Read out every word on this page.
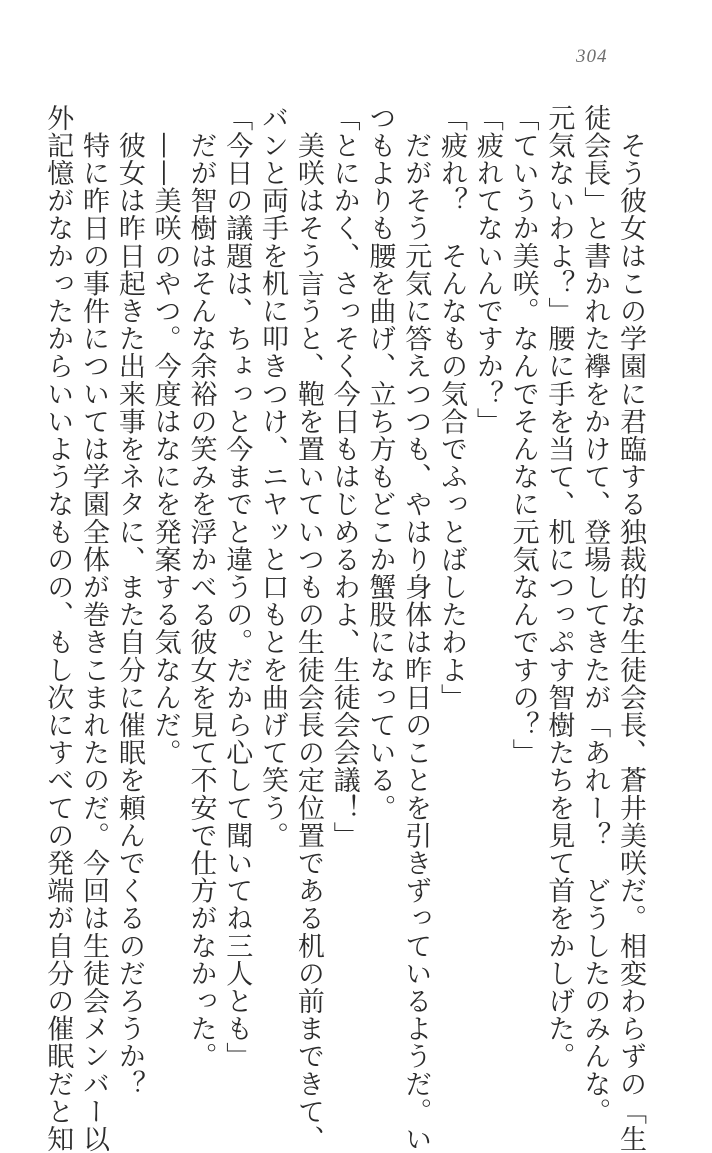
304
　そう彼女はこの学園に君臨する独裁的な生徒会長、蒼井美咲だ。相変わらずの「生
徒会長」と書かれた襷をかけて、登場してきたが「あれー？　どうしたのみんな。
元気ないわよ？」腰に手を当て、机につっぷす智樹たちを見て首をかしげた。
「ていうか美咲。なんでそんなに元気なんですの？」
「疲れてないんですか？」
「疲れ？　そんなもの気合でふっとばしたわよ」
　だがそう元気に答えつつも、やはり身体は昨日のことを引きずっているようだ。い
つもよりも腰を曲げ、立ち方もどこか蟹股になっている。
「とにかく、さっそく今日もはじめるわよ、生徒会会議！」
　美咲はそう言うと、鞄を置いていつもの生徒会長の定位置である机の前まできて、
バンと両手を机に叩きつけ、ニヤッと口もとを曲げて笑う。
「今日の議題は、ちょっと今までと違うの。だから心して聞いてね三人とも」
　だが智樹はそんな余裕の笑みを浮かべる彼女を見て不安で仕方がなかった。
　——美咲のやつ。今度はなにを発案する気なんだ。
　彼女は昨日起きた出来事をネタに、また自分に催眠を頼んでくるのだろうか？
　特に昨日の事件については学園全体が巻きこまれたのだ。今回は生徒会メンバー以
外記憶がなかったからいいようなものの、もし次にすべての発端が自分の催眠だと知
